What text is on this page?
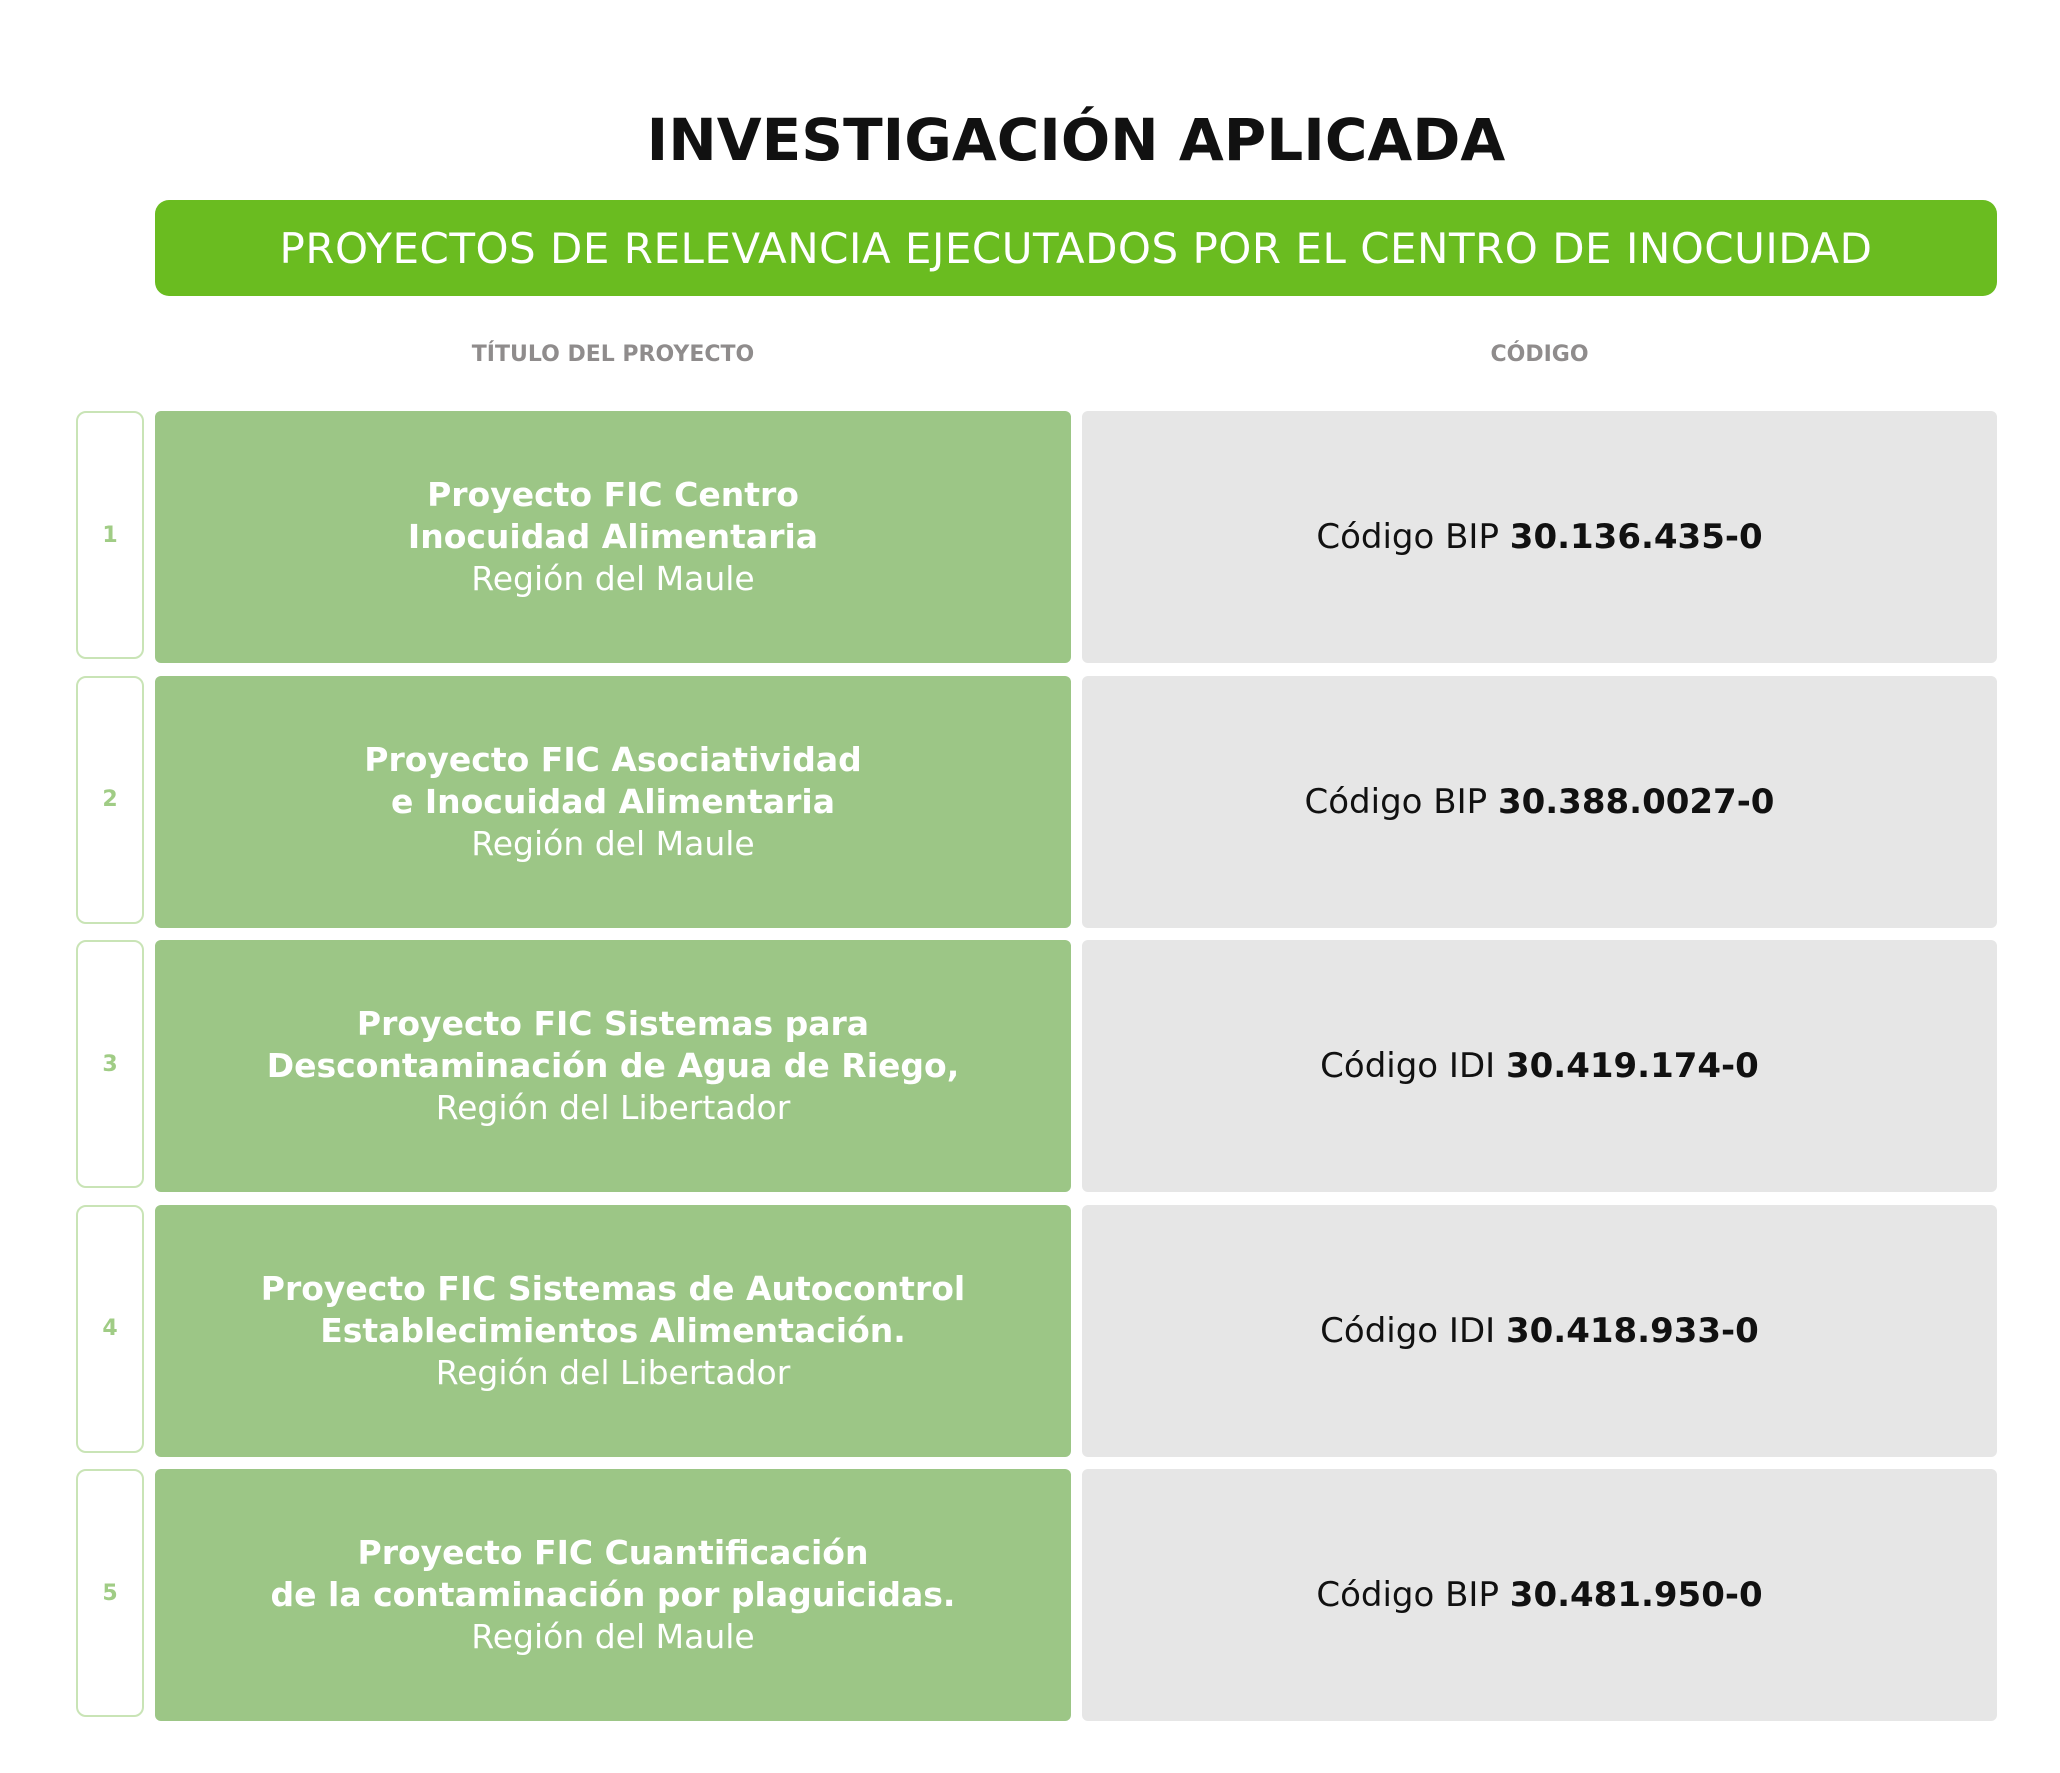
INVESTIGACIÓN APLICADA
PROYECTOS DE RELEVANCIA EJECUTADOS POR EL CENTRO DE INOCUIDAD
TÍTULO DEL PROYECTO	CÓDIGO
1
Proyecto FIC Centro
Inocuidad Alimentaria
Región del Maule
Código BIP
30.136.435-0
2
Proyecto FIC Asociatividad
e Inocuidad Alimentaria
Región del Maule
Código BIP
30.388.0027-0
3
Proyecto FIC Sistemas para
Descontaminación de Agua de Riego,
Región del Libertador
Código IDI
30.419.174-0
4
Proyecto FIC Sistemas de Autocontrol
Establecimientos Alimentación.
Región del Libertador
Código IDI
30.418.933-0
5
Proyecto FIC Cuantificación
de la contaminación por plaguicidas.
Región del Maule
Código BIP
30.481.950-0
